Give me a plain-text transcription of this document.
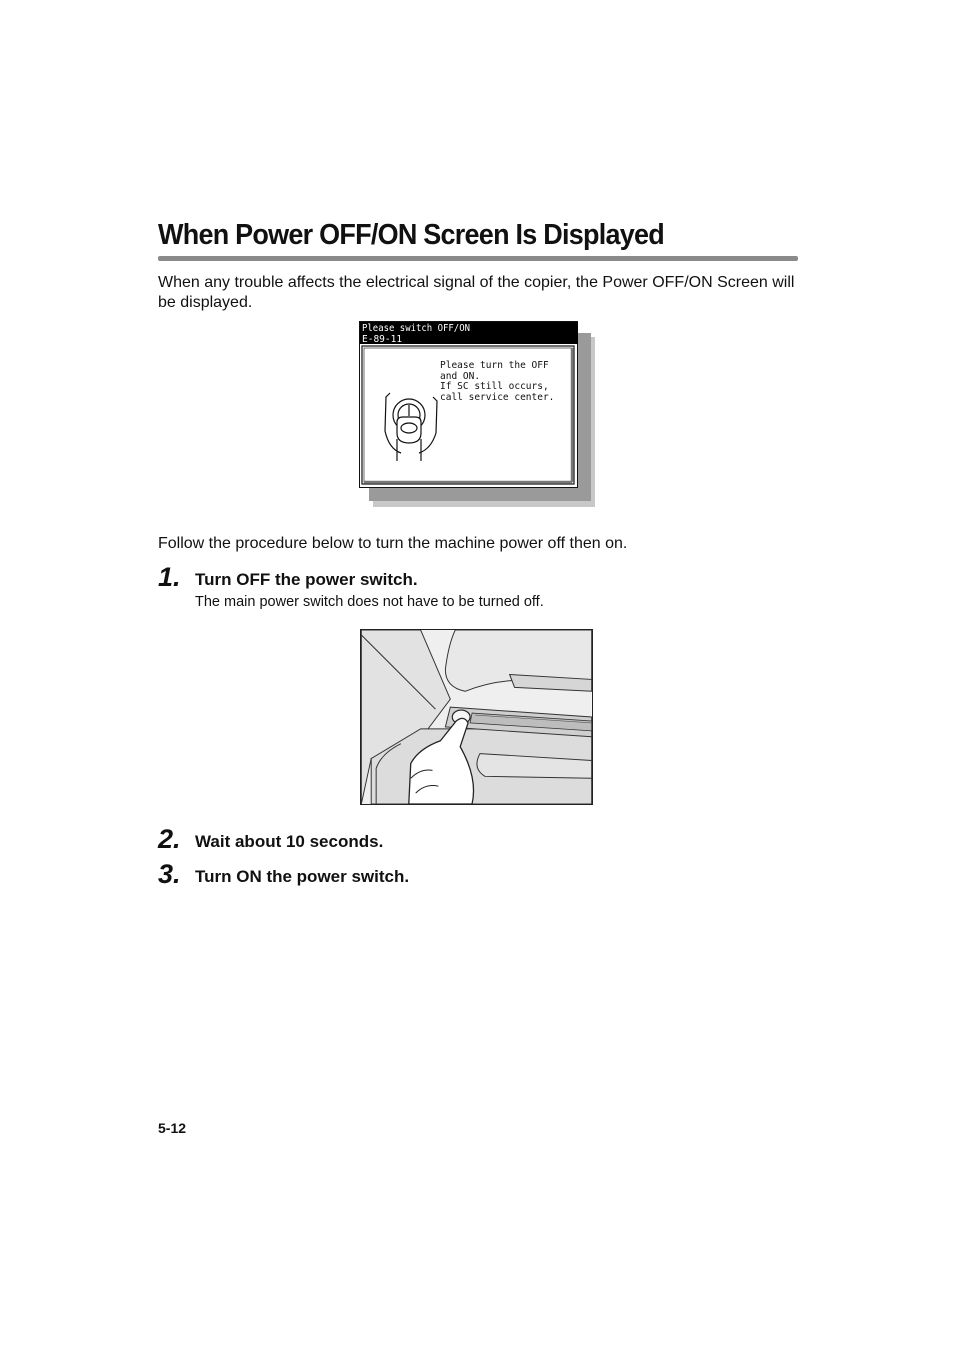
When Power OFF/ON Screen Is Displayed

When any trouble affects the electrical signal of the copier, the Power OFF/ON Screen will be displayed.

Please switch OFF/ON
E-89-11
Please turn the OFF
and ON.
If SC still occurs,
call service center.

Follow the procedure below to turn the machine power off then on.

1. Turn OFF the power switch.
The main power switch does not have to be turned off.
2. Wait about 10 seconds.
3. Turn ON the power switch.
5-12
